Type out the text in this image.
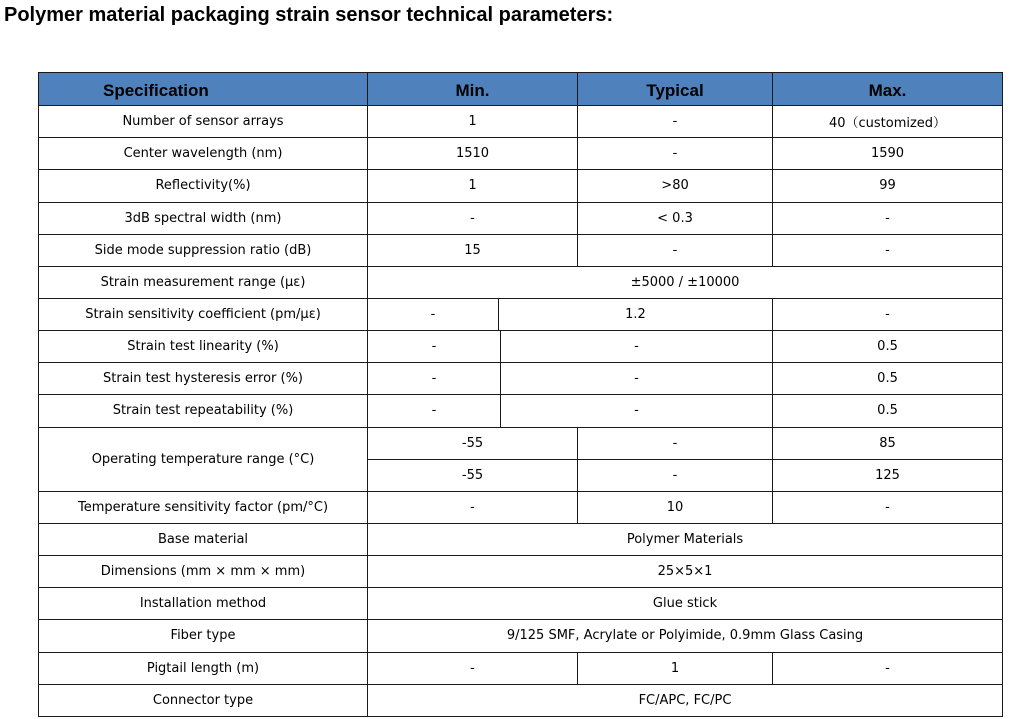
Polymer material packaging strain sensor technical parameters:
Specification	Min.			Typical	Max.
Number of sensor arrays	1			-	40（customized）
Center wavelength (nm)	1510			-	1590
Reflectivity(%)	1			>80	99
3dB spectral width (nm)	-			< 0.3	-
Side mode suppression ratio (dB)	15			-	-
Strain measurement range (με)	±5000 / ±10000				
Strain sensitivity coefficient (pm/με)	-	1.2			-
Strain test linearity (%)	-		-		0.5
Strain test hysteresis error (%)	-		-		0.5
Strain test repeatability (%)	-		-		0.5
Operating temperature range (°C)	-55			-	85
	-55			-	125
Temperature sensitivity factor (pm/°C)	-			10	-
Base material	Polymer Materials				
Dimensions (mm × mm × mm)	25×5×1				
Installation method	Glue stick				
Fiber type	9/125 SMF, Acrylate or Polyimide, 0.9mm Glass Casing				
Pigtail length (m)	-			1	-
Connector type	FC/APC, FC/PC				
